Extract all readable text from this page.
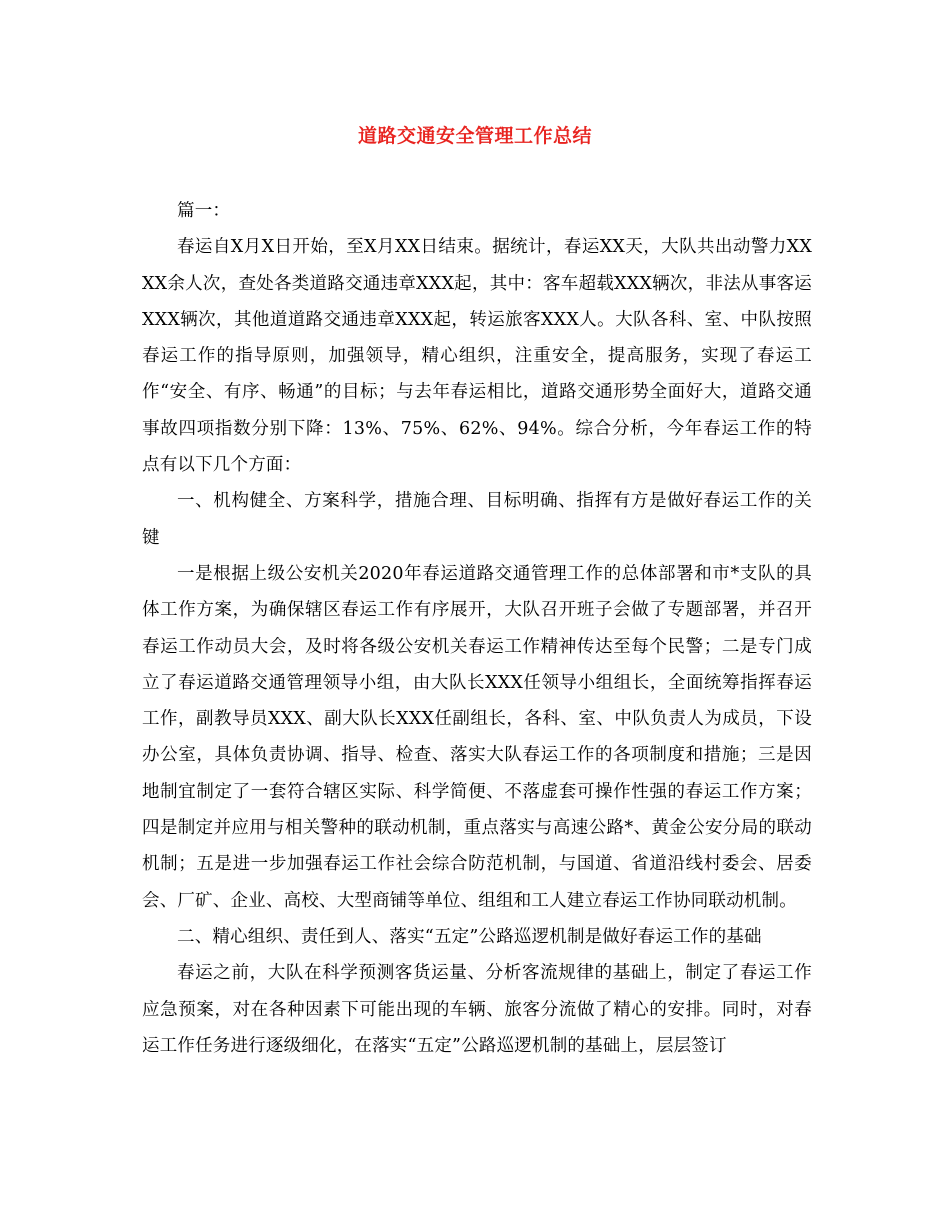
道路交通安全管理工作总结

篇一：

春运自X月X日开始，至X月XX日结束。据统计，春运XX天，大队共出动警力XXXX余人次，查处各类道路交通违章XXX起，其中：客车超载XXX辆次，非法从事客运XXX辆次，其他道道路交通违章XXX起，转运旅客XXX人。大队各科、室、中队按照春运工作的指导原则，加强领导，精心组织，注重安全，提高服务，实现了春运工作“安全、有序、畅通”的目标；与去年春运相比，道路交通形势全面好大，道路交通事故四项指数分别下降：13%、75%、62%、94%。综合分析，今年春运工作的特点有以下几个方面：

一、机构健全、方案科学，措施合理、目标明确、指挥有方是做好春运工作的关键

一是根据上级公安机关2020年春运道路交通管理工作的总体部署和市*支队的具体工作方案，为确保辖区春运工作有序展开，大队召开班子会做了专题部署，并召开春运工作动员大会，及时将各级公安机关春运工作精神传达至每个民警；二是专门成立了春运道路交通管理领导小组，由大队长XXX任领导小组组长，全面统筹指挥春运工作，副教导员XXX、副大队长XXX任副组长，各科、室、中队负责人为成员，下设办公室，具体负责协调、指导、检查、落实大队春运工作的各项制度和措施；三是因地制宜制定了一套符合辖区实际、科学简便、不落虚套可操作性强的春运工作方案；四是制定并应用与相关警种的联动机制，重点落实与高速公路*、黄金公安分局的联动机制；五是进一步加强春运工作社会综合防范机制，与国道、省道沿线村委会、居委会、厂矿、企业、高校、大型商铺等单位、组组和工人建立春运工作协同联动机制。

二、精心组织、责任到人、落实“五定”公路巡逻机制是做好春运工作的基础

春运之前，大队在科学预测客货运量、分析客流规律的基础上，制定了春运工作应急预案，对在各种因素下可能出现的车辆、旅客分流做了精心的安排。同时，对春运工作任务进行逐级细化，在落实“五定”公路巡逻机制的基础上，层层签订
